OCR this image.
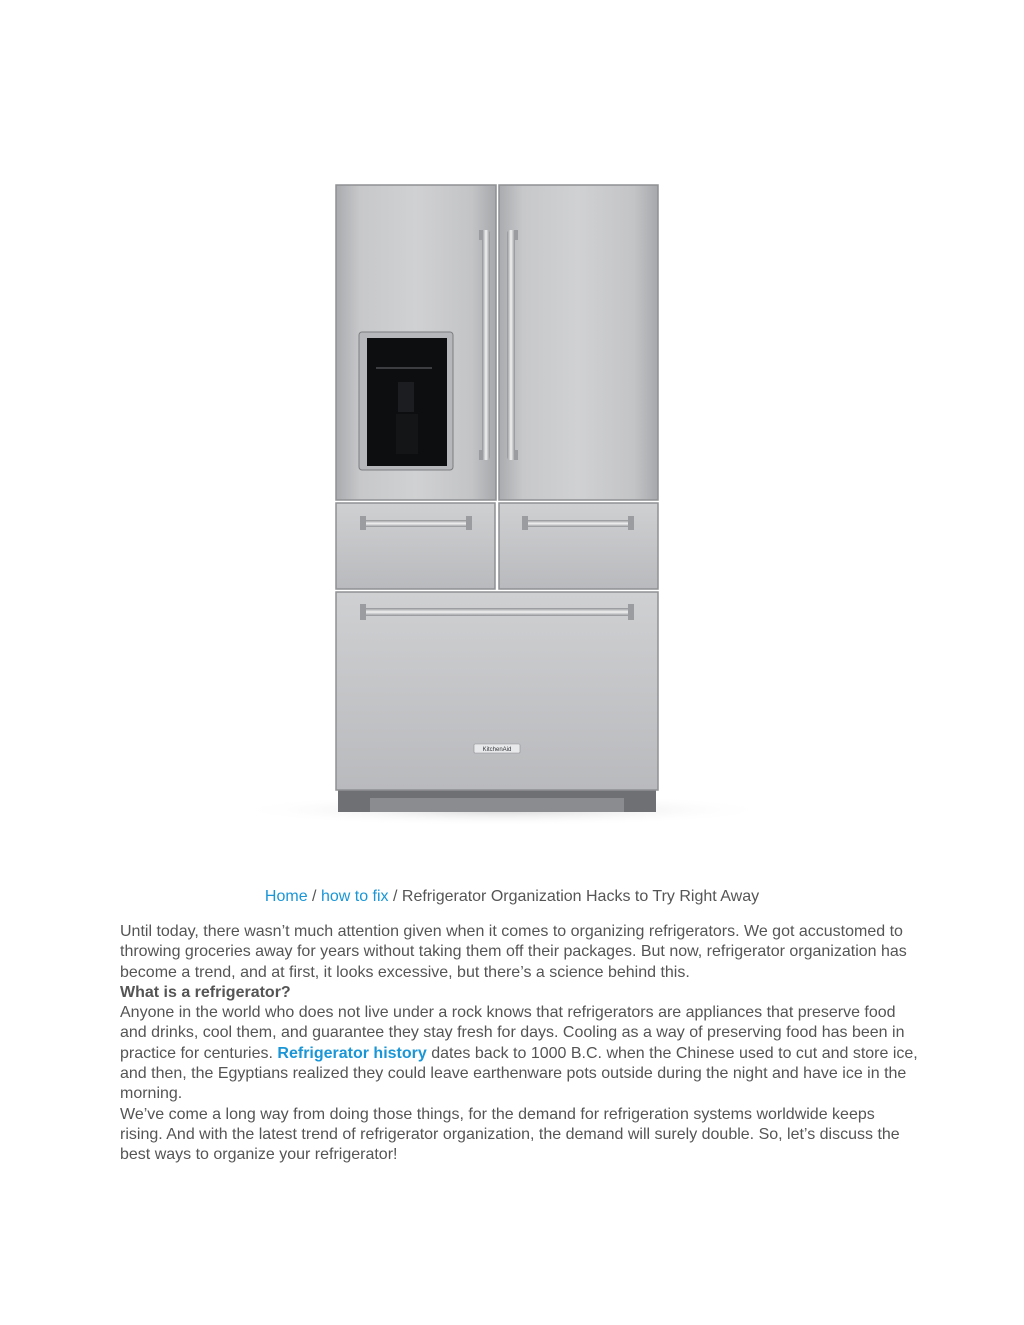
KitchenAid
Home / how to fix / Refrigerator Organization Hacks to Try Right Away

Until today, there wasn’t much attention given when it comes to organizing refrigerators. We got accustomed to throwing groceries away for years without taking them off their packages. But now, refrigerator organization has become a trend, and at first, it looks excessive, but there’s a science behind this.

What is a refrigerator?

Anyone in the world who does not live under a rock knows that refrigerators are appliances that preserve food and drinks, cool them, and guarantee they stay fresh for days. Cooling as a way of preserving food has been in practice for centuries. Refrigerator history dates back to 1000 B.C. when the Chinese used to cut and store ice, and then, the Egyptians realized they could leave earthenware pots outside during the night and have ice in the morning.

We’ve come a long way from doing those things, for the demand for refrigeration systems worldwide keeps rising. And with the latest trend of refrigerator organization, the demand will surely double. So, let’s discuss the best ways to organize your refrigerator!
